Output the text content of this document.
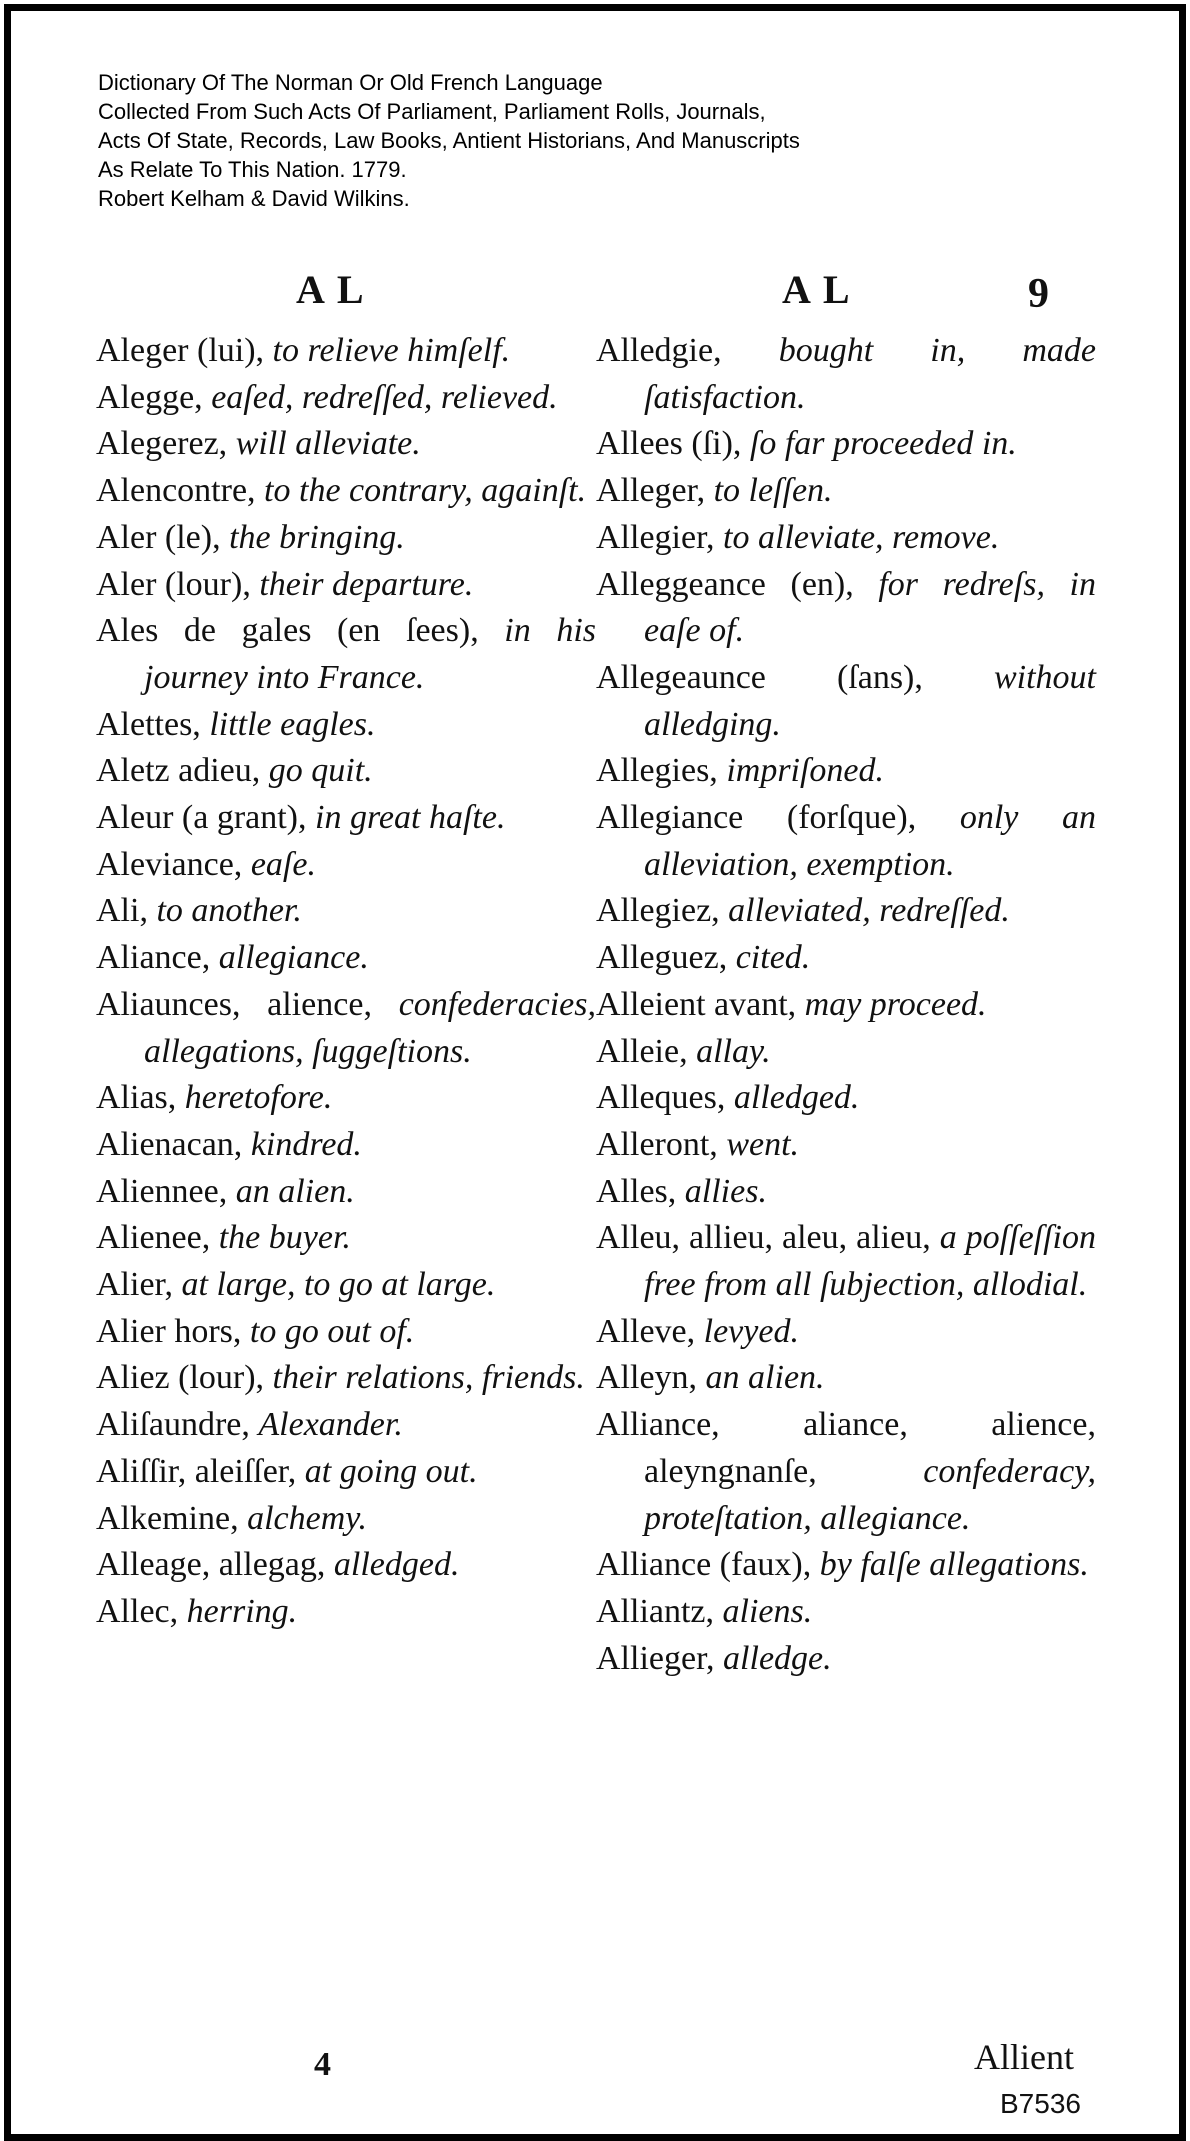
Dictionary Of The Norman Or Old French Language
Collected From Such Acts Of Parliament, Parliament Rolls, Journals,
Acts Of State, Records, Law Books, Antient Historians, And Manuscripts
As Relate To This Nation. 1779.
Robert Kelham & David Wilkins.
AL	AL	9

Aleger (lui), to relieve himſelf.

Alegge, eaſed, redreſſed, relieved.

Alegerez, will alleviate.

Alencontre, to the contrary, againſt.

Aler (le), the bringing.

Aler (lour), their departure.

Ales de gales (en ſees), in his journey into France.

Alettes, little eagles.

Aletz adieu, go quit.

Aleur (a grant), in great haſte.

Aleviance, eaſe.

Ali, to another.

Aliance, allegiance.

Aliaunces, alience, confederacies, allegations, ſuggeſtions.

Alias, heretofore.

Alienacan, kindred.

Aliennee, an alien.

Alienee, the buyer.

Alier, at large, to go at large.

Alier hors, to go out of.

Aliez (lour), their relations, friends.

Aliſaundre, Alexander.

Aliſſir, aleiſſer, at going out.

Alkemine, alchemy.

Alleage, allegag, alledged.

Allec, herring.

Alledgie, bought in, made ſatisfaction.

Allees (ſi), ſo far proceeded in.

Alleger, to leſſen.

Allegier, to alleviate, remove.

Alleggeance (en), for redreſs, in eaſe of.

Allegeaunce (ſans), without alledging.

Allegies, impriſoned.

Allegiance (forſque), only an alleviation, exemption.

Allegiez, alleviated, redreſſed.

Alleguez, cited.

Alleient avant, may proceed.

Alleie, allay.

Alleques, alledged.

Alleront, went.

Alles, allies.

Alleu, allieu, aleu, alieu, a poſſeſſion free from all ſubjection, allodial.

Alleve, levyed.

Alleyn, an alien.

Alliance, aliance, alience, aleyngnanſe,	confederacy, proteſtation, allegiance.

Alliance (faux), by falſe allegations.

Alliantz, aliens.

Allieger, alledge.

4	Allient
B7536
